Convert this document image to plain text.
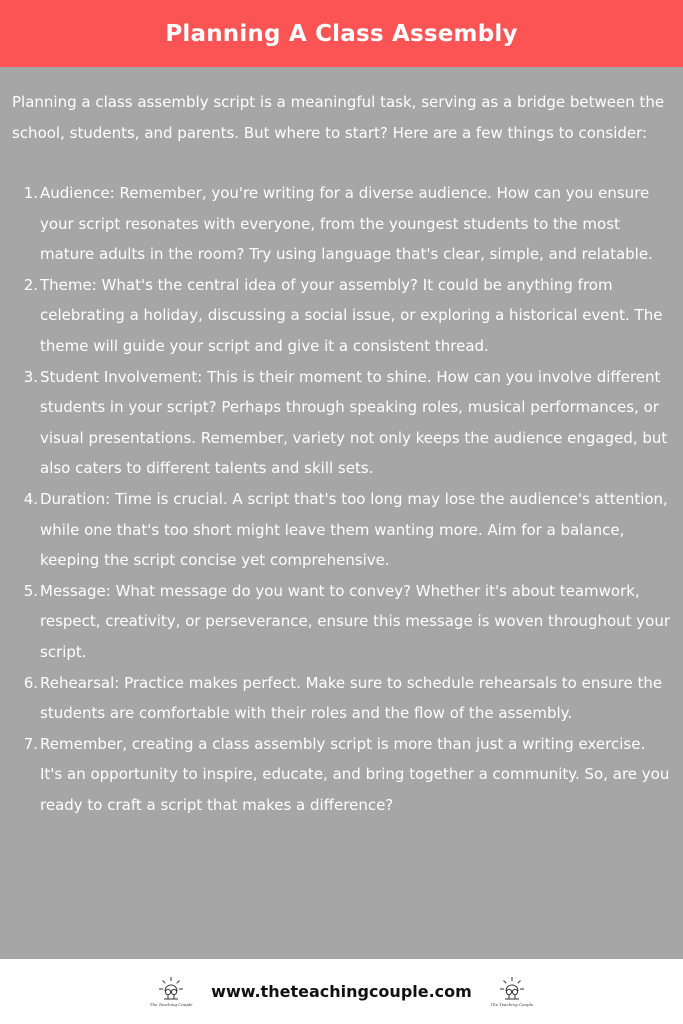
Planning A Class Assembly

Planning a class assembly script is a meaningful task, serving as a bridge between the school, students, and parents. But where to start? Here are a few things to consider:

1. Audience: Remember, you're writing for a diverse audience. How can you ensure your script resonates with everyone, from the youngest students to the most mature adults in the room? Try using language that's clear, simple, and relatable.
2. Theme: What's the central idea of your assembly? It could be anything from celebrating a holiday, discussing a social issue, or exploring a historical event. The theme will guide your script and give it a consistent thread.
3. Student Involvement: This is their moment to shine. How can you involve different students in your script? Perhaps through speaking roles, musical performances, or visual presentations. Remember, variety not only keeps the audience engaged, but also caters to different talents and skill sets.
4. Duration: Time is crucial. A script that's too long may lose the audience's attention, while one that's too short might leave them wanting more. Aim for a balance, keeping the script concise yet comprehensive.
5. Message: What message do you want to convey? Whether it's about teamwork, respect, creativity, or perseverance, ensure this message is woven throughout your script.
6. Rehearsal: Practice makes perfect. Make sure to schedule rehearsals to ensure the students are comfortable with their roles and the flow of the assembly.
7. Remember, creating a class assembly script is more than just a writing exercise. It's an opportunity to inspire, educate, and bring together a community. So, are you ready to craft a script that makes a difference?
The Teaching Couple
www.theteachingcouple.com
The Teaching Couple
